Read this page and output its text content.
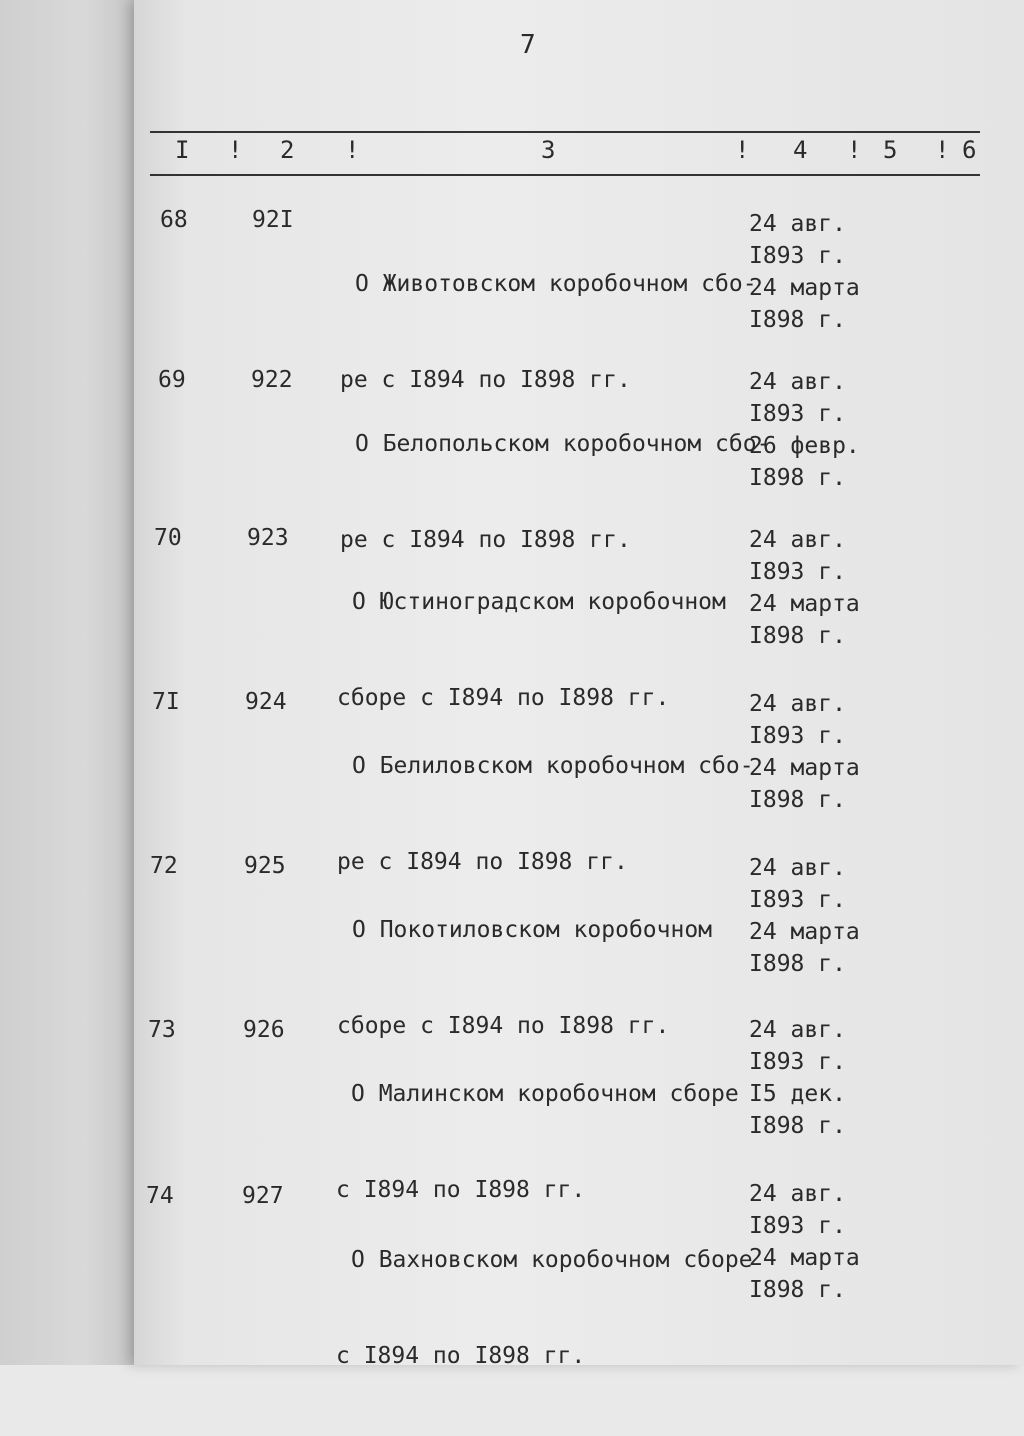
7
I ! 2 !	3	! 4 ! 5 ! 6
68	92I

О Животовском коробочном сбо-

ре с I894 по I898 гг.

24 авг.
I893 г.
24 марта
I898 г.
69	922

О Белопольском коробочном сбо-

ре с I894 по I898 гг.

24 авг.
I893 г.
26 февр.
I898 г.
70	923

О Юстиноградском коробочном

сборе с I894 по I898 гг.

24 авг.
I893 г.
24 марта
I898 г.
7I	924

О Белиловском коробочном сбо-

ре с I894 по I898 гг.

24 авг.
I893 г.
24 марта
I898 г.
72	925

О Покотиловском коробочном

сборе с I894 по I898 гг.

24 авг.
I893 г.
24 марта
I898 г.
73	926

О Малинском коробочном сборе

с I894 по I898 гг.

24 авг.
I893 г.
I5 дек.
I898 г.
74	927

О Вахновском коробочном сборе

с I894 по I898 гг.

24 авг.
I893 г.
24 марта
I898 г.
